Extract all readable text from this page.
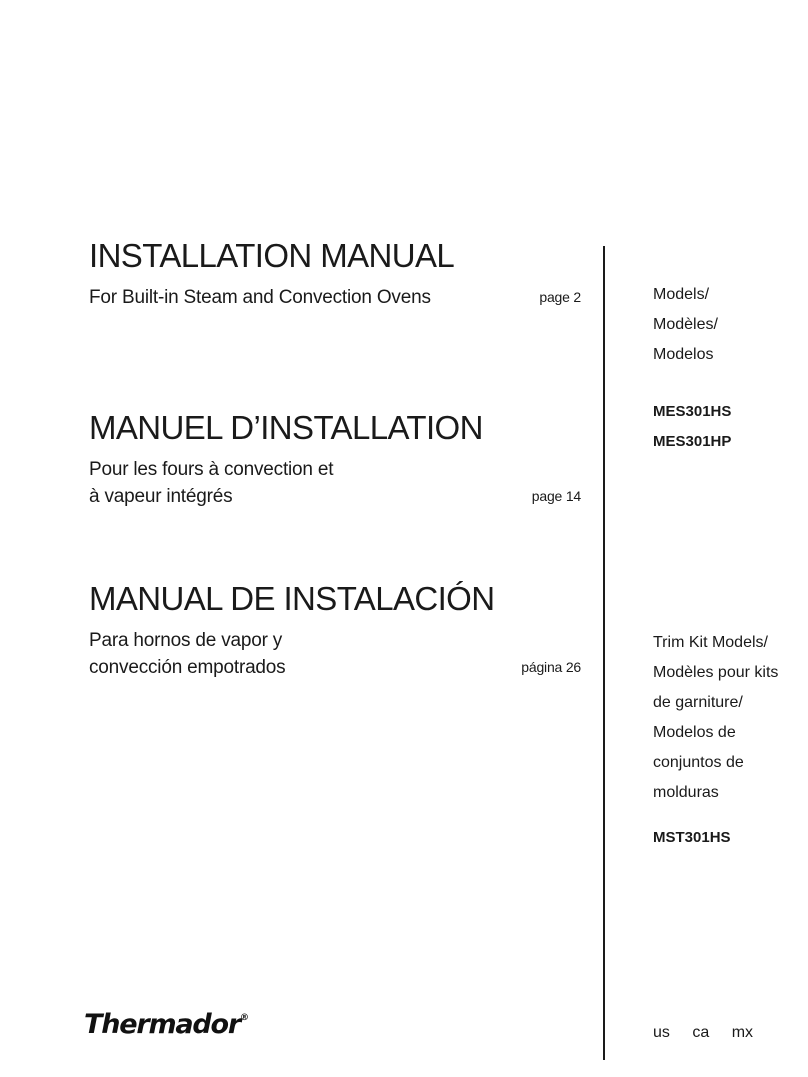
INSTALLATION MANUAL
For Built-in Steam and Convection Ovens	page 2
MANUEL D’INSTALLATION
Pour les fours à convection et
à vapeur intégrés	page 14
MANUAL DE INSTALACIÓN
Para hornos de vapor y
convección empotrados	página 26
Models/
Modèles/
Modelos
MES301HS
MES301HP
Trim Kit Models/
Modèles pour kits
de garniture/
Modelos de
conjuntos de
molduras
MST301HS
Thermador®
us ca mx
